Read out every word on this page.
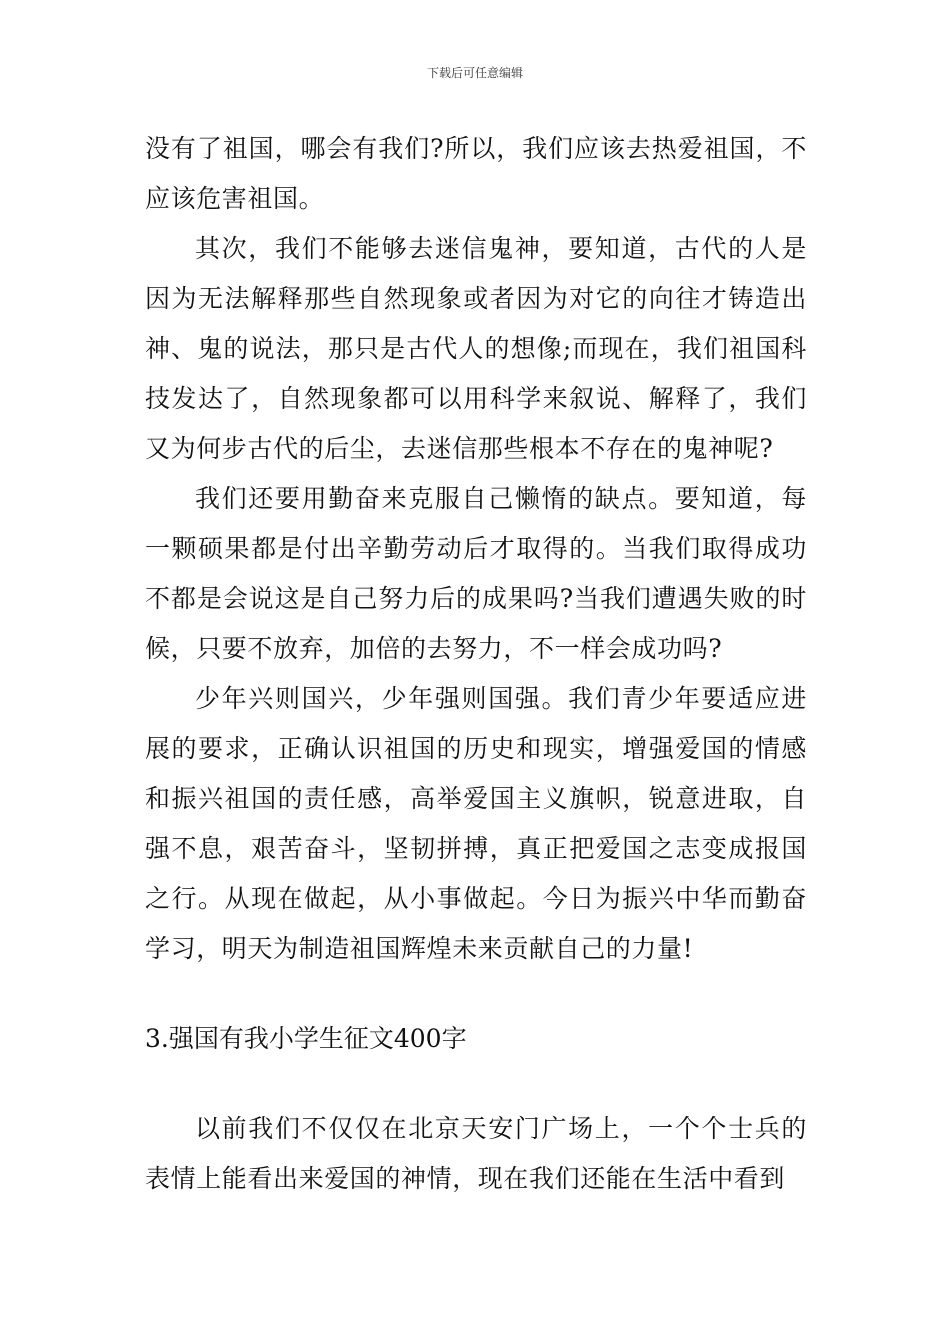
下载后可任意编辑

没有了祖国，哪会有我们?所以，我们应该去热爱祖国，不应该危害祖国。

其次，我们不能够去迷信鬼神，要知道，古代的人是因为无法解释那些自然现象或者因为对它的向往才铸造出神、鬼的说法，那只是古代人的想像;而现在，我们祖国科技发达了，自然现象都可以用科学来叙说、解释了，我们又为何步古代的后尘，去迷信那些根本不存在的鬼神呢?

我们还要用勤奋来克服自己懒惰的缺点。要知道，每一颗硕果都是付出辛勤劳动后才取得的。当我们取得成功不都是会说这是自己努力后的成果吗?当我们遭遇失败的时候，只要不放弃，加倍的去努力，不一样会成功吗?

少年兴则国兴，少年强则国强。我们青少年要适应进展的要求，正确认识祖国的历史和现实，增强爱国的情感和振兴祖国的责任感，高举爱国主义旗帜，锐意进取，自强不息，艰苦奋斗，坚韧拼搏，真正把爱国之志变成报国之行。从现在做起，从小事做起。今日为振兴中华而勤奋学习，明天为制造祖国辉煌未来贡献自己的力量!

3.强国有我小学生征文400字

以前我们不仅仅在北京天安门广场上，一个个士兵的表情上能看出来爱国的神情，现在我们还能在生活中看到
